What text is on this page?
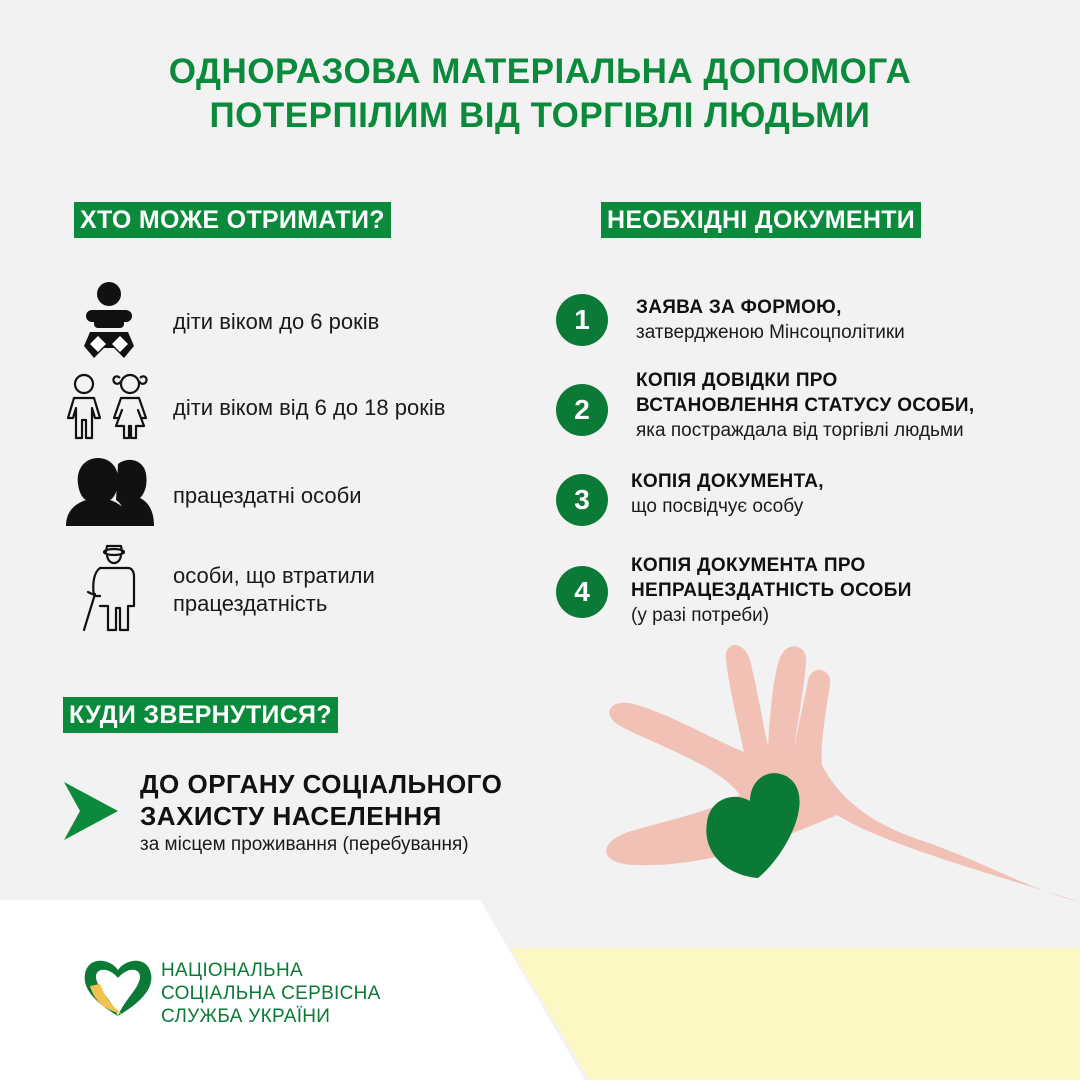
ОДНОРАЗОВА МАТЕРІАЛЬНА ДОПОМОГА
ПОТЕРПІЛИМ ВІД ТОРГІВЛІ ЛЮДЬМИ
ХТО МОЖЕ ОТРИМАТИ?
діти віком до 6 років
діти віком від 6 до 18 років
працездатні особи
особи, що втратили
працездатність
НЕОБХІДНІ ДОКУМЕНТИ
1	ЗАЯВА ЗА ФОРМОЮ,
затвердженою Мінсоцполітики
2
КОПІЯ ДОВІДКИ ПРО
ВСТАНОВЛЕННЯ СТАТУСУ ОСОБИ,
яка постраждала від торгівлі людьми
3
КОПІЯ ДОКУМЕНТА,
що посвідчує особу
4
КОПІЯ ДОКУМЕНТА ПРО
НЕПРАЦЕЗДАТНІСТЬ ОСОБИ
(у разі потреби)
КУДИ ЗВЕРНУТИСЯ?
ДО ОРГАНУ СОЦІАЛЬНОГО
ЗАХИСТУ НАСЕЛЕННЯ
за місцем проживання (перебування)
НАЦІОНАЛЬНА
СОЦІАЛЬНА СЕРВІСНА
СЛУЖБА УКРАЇНИ
